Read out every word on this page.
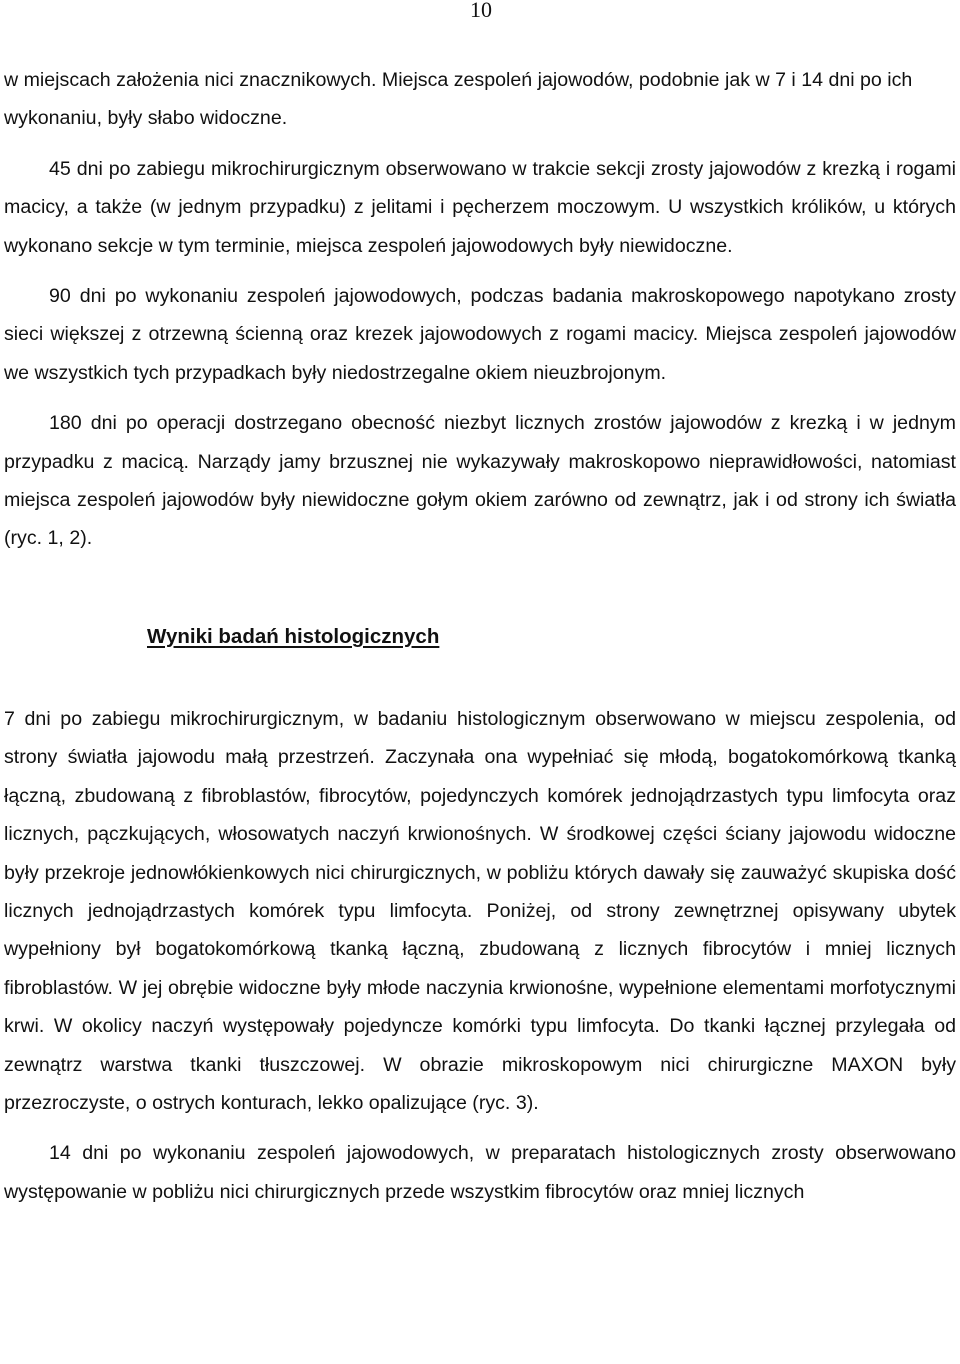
10

w miejscach założenia nici znacznikowych. Miejsca zespoleń jajowodów, podobnie jak w 7 i 14 dni po ich wykonaniu, były słabo widoczne.

45 dni po zabiegu mikrochirurgicznym obserwowano w trakcie sekcji zrosty jajowodów z krezką i rogami macicy, a także (w jednym przypadku) z jelitami i pęcherzem moczowym. U wszystkich królików, u których wykonano sekcje w tym terminie, miejsca zespoleń jajowodowych były niewidoczne.

90 dni po wykonaniu zespoleń jajowodowych, podczas badania makroskopowego napotykano zrosty sieci większej z otrzewną ścienną oraz krezek jajowodowych z rogami macicy. Miejsca zespoleń jajowodów we wszystkich tych przypadkach były niedostrzegalne okiem nieuzbrojonym.

180 dni po operacji dostrzegano obecność niezbyt licznych zrostów jajowodów z krezką i w jednym przypadku z macicą. Narządy jamy brzusznej nie wykazywały makroskopowo nieprawidłowości, natomiast miejsca zespoleń jajowodów były niewidoczne gołym okiem zarówno od zewnątrz, jak i od strony ich światła (ryc. 1, 2).

Wyniki badań histologicznych

7 dni po zabiegu mikrochirurgicznym, w badaniu histologicznym obserwowano w miejscu zespolenia, od strony światła jajowodu małą przestrzeń. Zaczynała ona wypełniać się młodą, bogatokomórkową tkanką łączną, zbudowaną z fibroblastów, fibrocytów, pojedynczych komórek jednojądrzastych typu limfocyta oraz licznych, pączkujących, włosowatych naczyń krwionośnych. W środkowej części ściany jajowodu widoczne były przekroje jednowłókienkowych nici chirurgicznych, w pobliżu których dawały się zauważyć skupiska dość licznych jednojądrzastych komórek typu limfocyta. Poniżej, od strony zewnętrznej opisywany ubytek wypełniony był bogatokomórkową tkanką łączną, zbudowaną z licznych fibrocytów i mniej licznych fibroblastów. W jej obrębie widoczne były młode naczynia krwionośne, wypełnione elementami morfotycznymi krwi. W okolicy naczyń występowały pojedyncze komórki typu limfocyta. Do tkanki łącznej przylegała od zewnątrz warstwa tkanki tłuszczowej. W obrazie mikroskopowym nici chirurgiczne MAXON były przezroczyste, o ostrych konturach, lekko opalizujące (ryc. 3).

14 dni po wykonaniu zespoleń jajowodowych, w preparatach histologicznych zrosty obserwowano występowanie w pobliżu nici chirurgicznych przede wszystkim fibrocytów oraz mniej licznych
